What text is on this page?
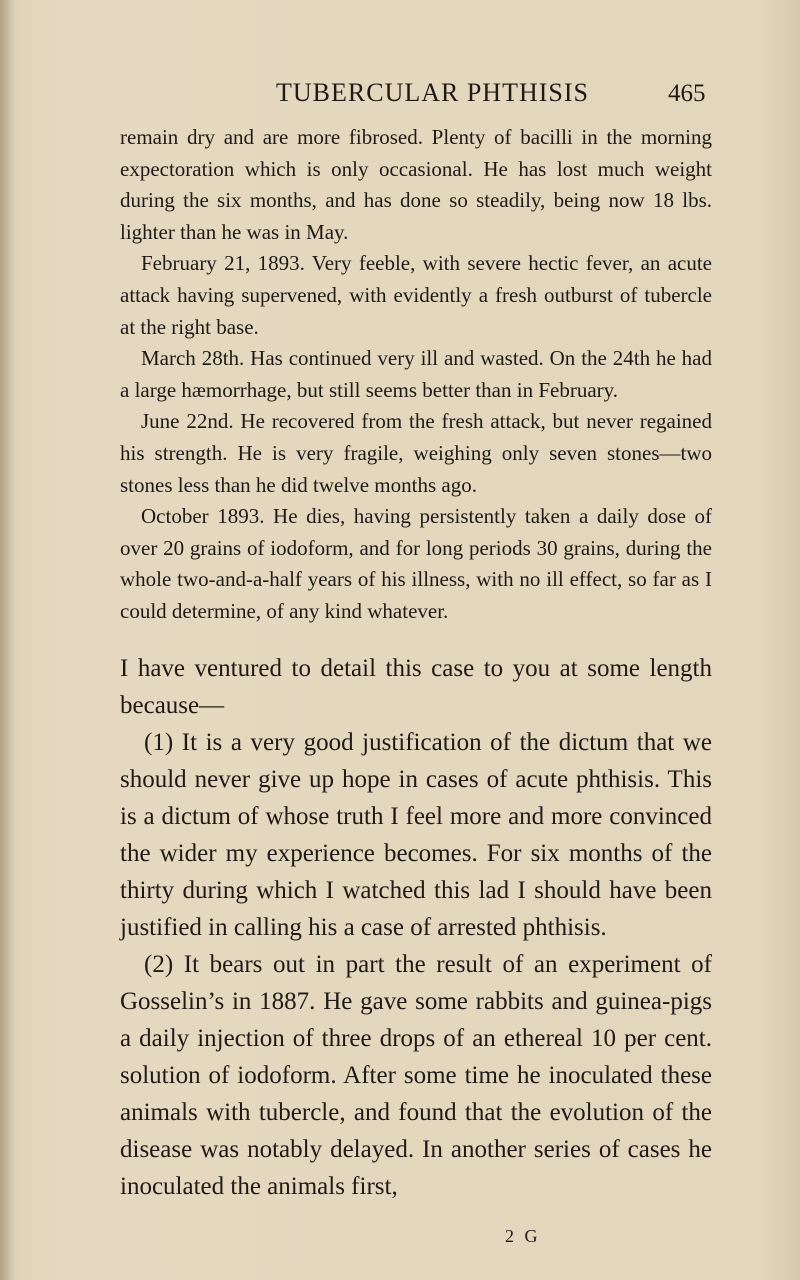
TUBERCULAR PHTHISIS	465

remain dry and are more fibrosed. Plenty of bacilli in the morning expectoration which is only occasional. He has lost much weight during the six months, and has done so steadily, being now 18 lbs. lighter than he was in May.

February 21, 1893. Very feeble, with severe hectic fever, an acute attack having supervened, with evidently a fresh outburst of tubercle at the right base.

March 28th. Has continued very ill and wasted. On the 24th he had a large hæmorrhage, but still seems better than in February.

June 22nd. He recovered from the fresh attack, but never regained his strength. He is very fragile, weighing only seven stones—two stones less than he did twelve months ago.

October 1893. He dies, having persistently taken a daily dose of over 20 grains of iodoform, and for long periods 30 grains, during the whole two-and-a-half years of his illness, with no ill effect, so far as I could determine, of any kind whatever.

I have ventured to detail this case to you at some length because—

(1) It is a very good justification of the dictum that we should never give up hope in cases of acute phthisis. This is a dictum of whose truth I feel more and more convinced the wider my experience becomes. For six months of the thirty during which I watched this lad I should have been justified in calling his a case of arrested phthisis.

(2) It bears out in part the result of an experiment of Gosselin’s in 1887. He gave some rabbits and guinea-pigs a daily injection of three drops of an ethereal 10 per cent. solution of iodoform. After some time he inoculated these animals with tubercle, and found that the evolution of the disease was notably delayed. In another series of cases he inoculated the animals first,

2 G
